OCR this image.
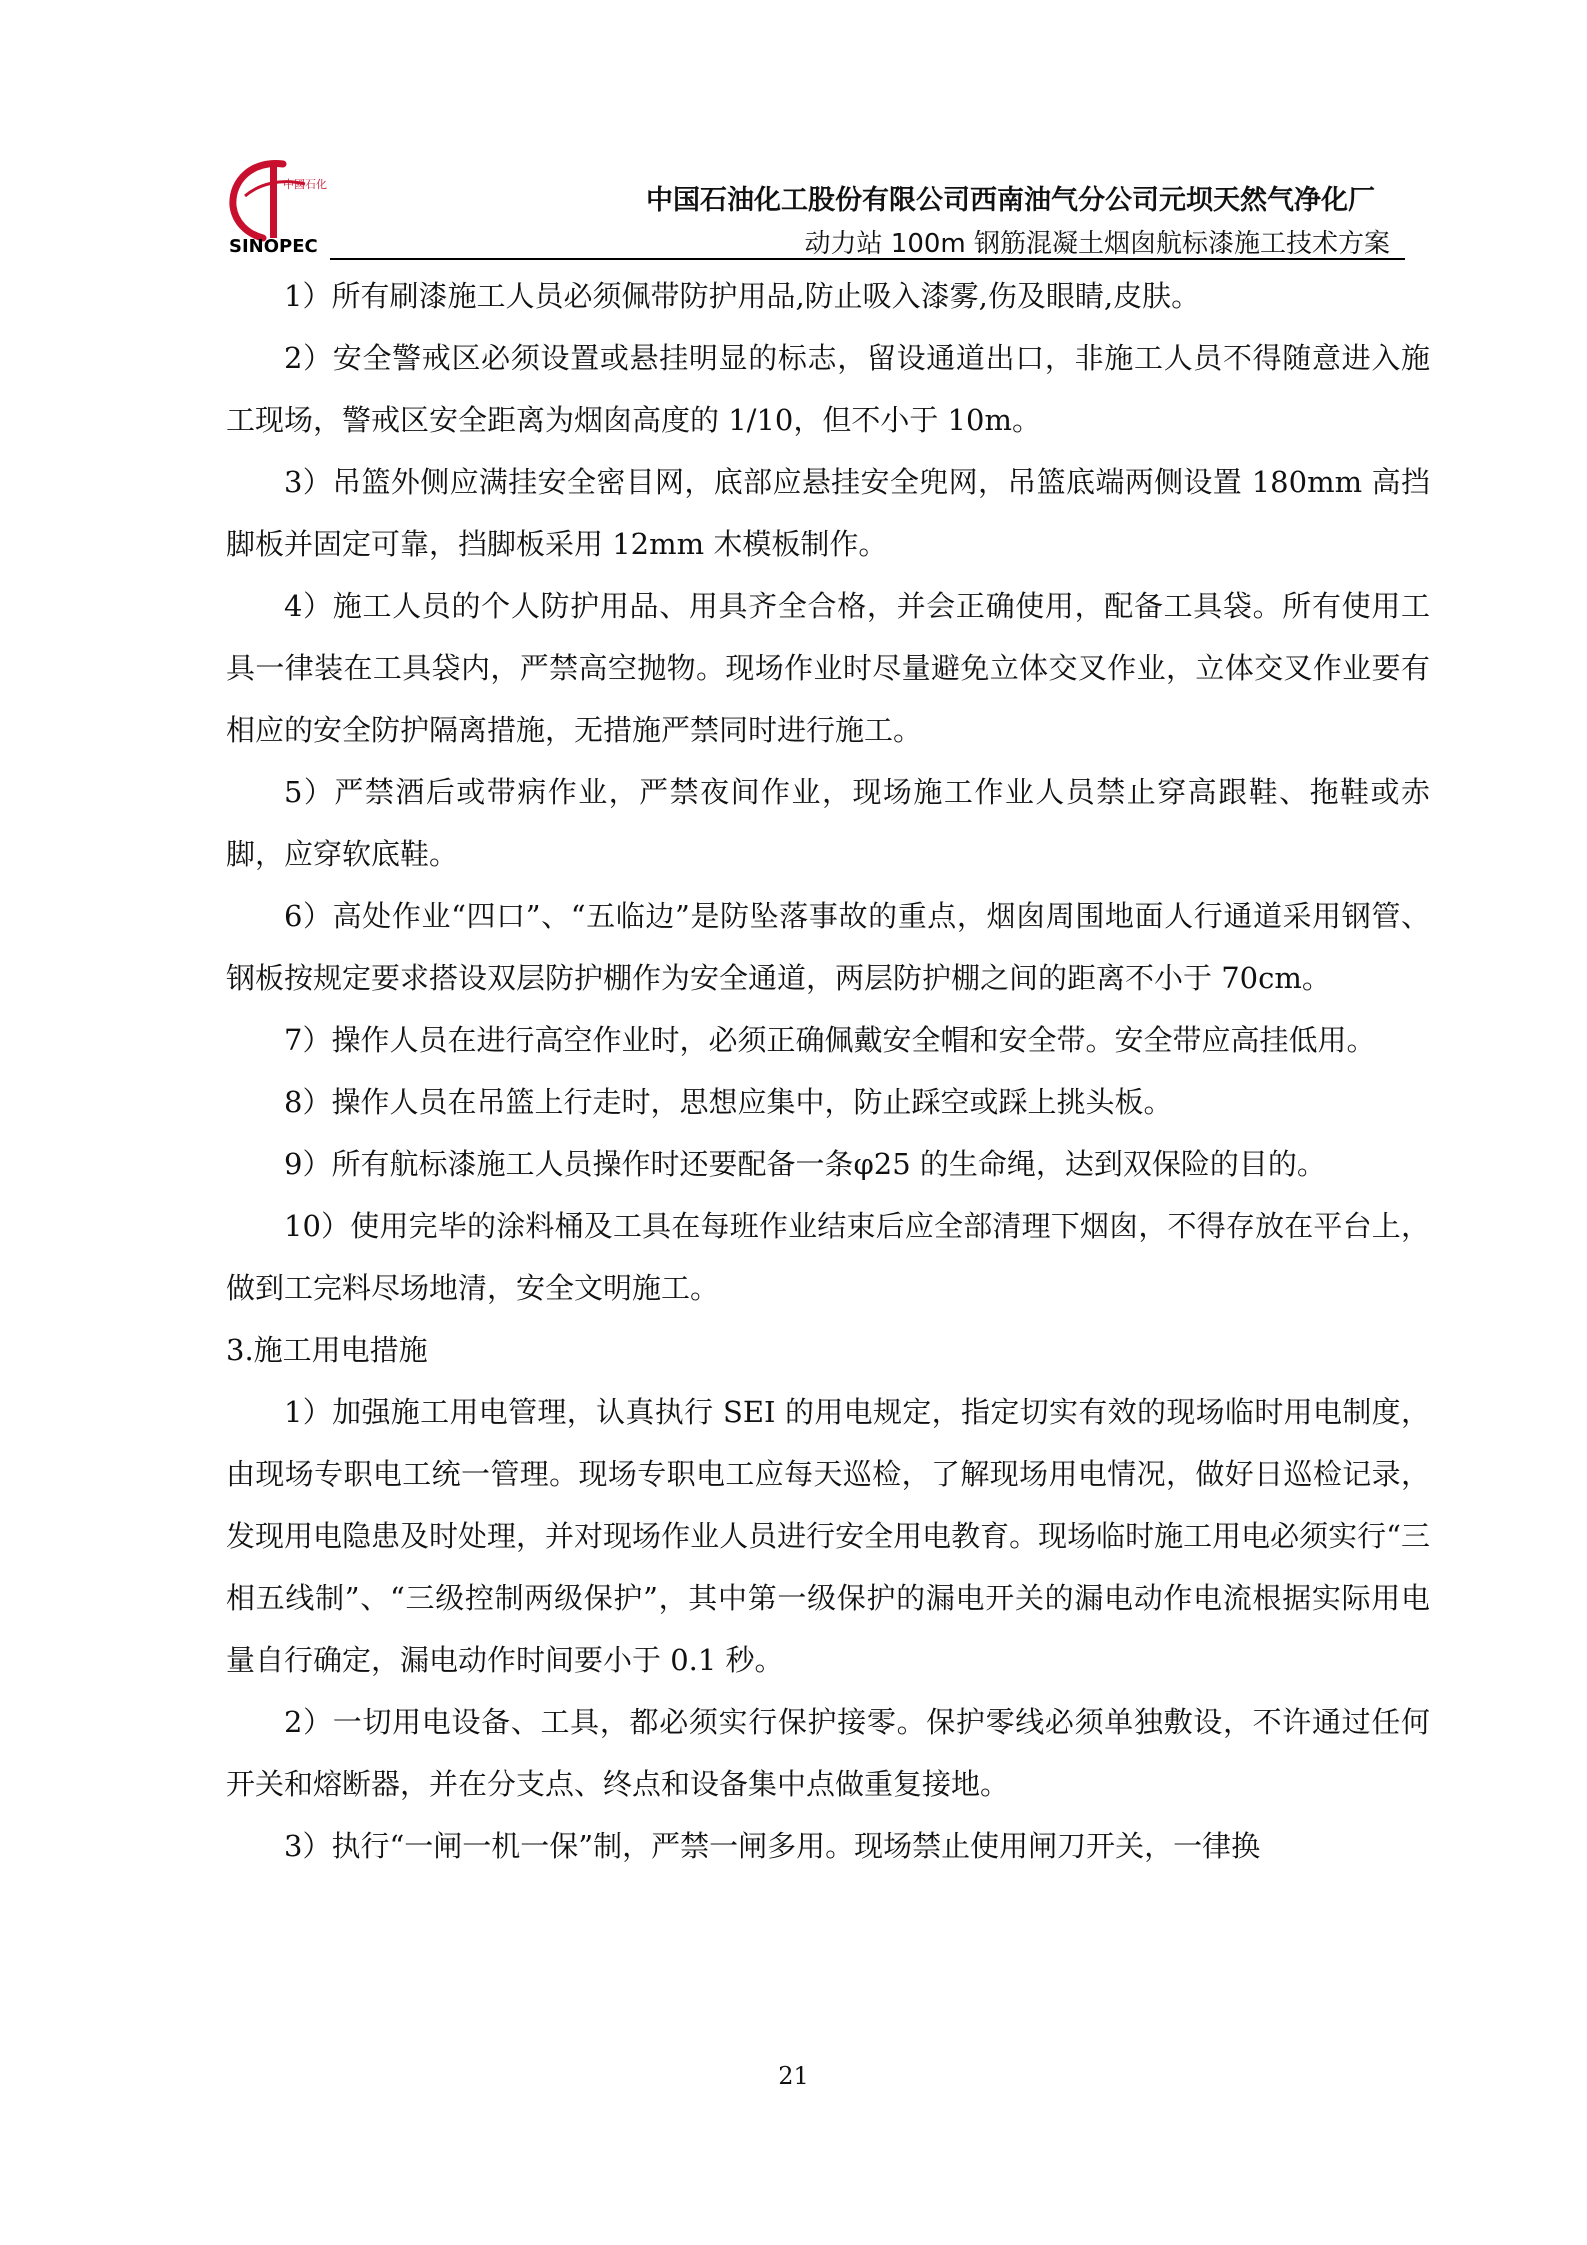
中國石化
SINOPEC
中国石油化工股份有限公司西南油气分公司元坝天然气净化厂
动力站 100m 钢筋混凝土烟囱航标漆施工技术方案

1）所有刷漆施工人员必须佩带防护用品,防止吸入漆雾,伤及眼睛,皮肤。

2）安全警戒区必须设置或悬挂明显的标志，留设通道出口，非施工人员不得随意进入施工现场，警戒区安全距离为烟囱高度的 1/10，但不小于 10m。

3）吊篮外侧应满挂安全密目网，底部应悬挂安全兜网，吊篮底端两侧设置 180mm 高挡脚板并固定可靠，挡脚板采用 12mm 木模板制作。

4）施工人员的个人防护用品、用具齐全合格，并会正确使用，配备工具袋。所有使用工具一律装在工具袋内，严禁高空抛物。现场作业时尽量避免立体交叉作业，立体交叉作业要有相应的安全防护隔离措施，无措施严禁同时进行施工。

5）严禁酒后或带病作业，严禁夜间作业，现场施工作业人员禁止穿高跟鞋、拖鞋或赤脚，应穿软底鞋。

6）高处作业“四口”、“五临边”是防坠落事故的重点，烟囱周围地面人行通道采用钢管、钢板按规定要求搭设双层防护棚作为安全通道，两层防护棚之间的距离不小于 70cm。

7）操作人员在进行高空作业时，必须正确佩戴安全帽和安全带。安全带应高挂低用。

8）操作人员在吊篮上行走时，思想应集中，防止踩空或踩上挑头板。

9）所有航标漆施工人员操作时还要配备一条φ25 的生命绳，达到双保险的目的。

10）使用完毕的涂料桶及工具在每班作业结束后应全部清理下烟囱，不得存放在平台上，做到工完料尽场地清，安全文明施工。

3.施工用电措施

1）加强施工用电管理，认真执行 SEI 的用电规定，指定切实有效的现场临时用电制度，由现场专职电工统一管理。现场专职电工应每天巡检，了解现场用电情况，做好日巡检记录，发现用电隐患及时处理，并对现场作业人员进行安全用电教育。现场临时施工用电必须实行“三相五线制”、“三级控制两级保护”，其中第一级保护的漏电开关的漏电动作电流根据实际用电量自行确定，漏电动作时间要小于 0.1 秒。

2）一切用电设备、工具，都必须实行保护接零。保护零线必须单独敷设，不许通过任何开关和熔断器，并在分支点、终点和设备集中点做重复接地。

3）执行“一闸一机一保”制，严禁一闸多用。现场禁止使用闸刀开关，一律换

21
